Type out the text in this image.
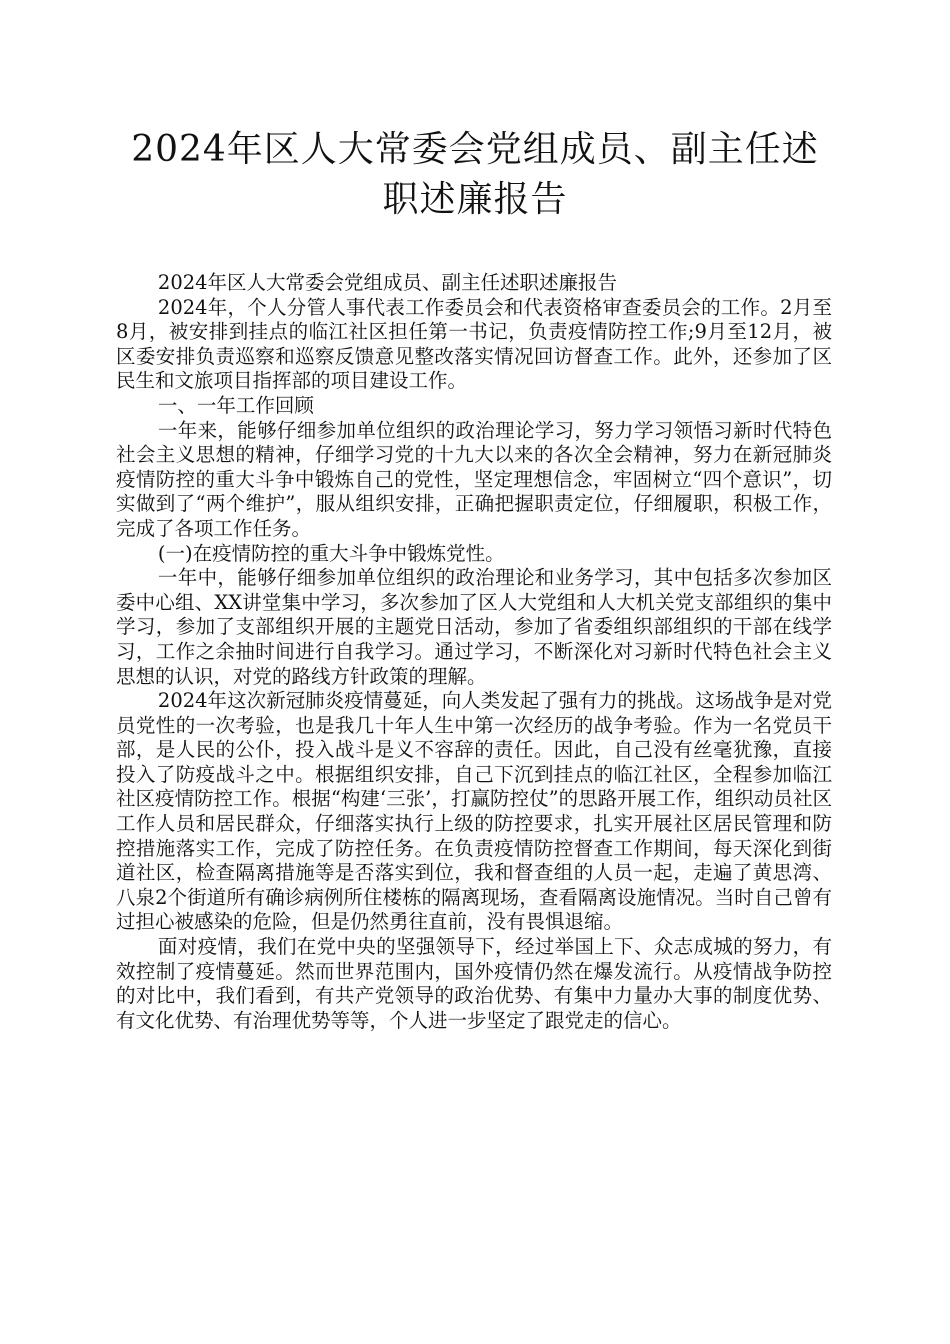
2024年区人大常委会党组成员、副主任述
职述廉报告

2024年区人大常委会党组成员、副主任述职述廉报告

2024年，个人分管人事代表工作委员会和代表资格审查委员会的工作。2月至8月，被安排到挂点的临江社区担任第一书记，负责疫情防控工作;9月至12月，被区委安排负责巡察和巡察反馈意见整改落实情况回访督查工作。此外，还参加了区民生和文旅项目指挥部的项目建设工作。

一、一年工作回顾

一年来，能够仔细参加单位组织的政治理论学习，努力学习领悟习新时代特色社会主义思想的精神，仔细学习党的十九大以来的各次全会精神，努力在新冠肺炎疫情防控的重大斗争中锻炼自己的党性，坚定理想信念，牢固树立“四个意识”，切实做到了“两个维护”，服从组织安排，正确把握职责定位，仔细履职，积极工作，完成了各项工作任务。

(一)在疫情防控的重大斗争中锻炼党性。

一年中，能够仔细参加单位组织的政治理论和业务学习，其中包括多次参加区委中心组、XX讲堂集中学习，多次参加了区人大党组和人大机关党支部组织的集中学习，参加了支部组织开展的主题党日活动，参加了省委组织部组织的干部在线学习，工作之余抽时间进行自我学习。通过学习，不断深化对习新时代特色社会主义思想的认识，对党的路线方针政策的理解。

2024年这次新冠肺炎疫情蔓延，向人类发起了强有力的挑战。这场战争是对党员党性的一次考验，也是我几十年人生中第一次经历的战争考验。作为一名党员干部，是人民的公仆，投入战斗是义不容辞的责任。因此，自己没有丝毫犹豫，直接投入了防疫战斗之中。根据组织安排，自己下沉到挂点的临江社区，全程参加临江社区疫情防控工作。根据“构建‘三张’，打赢防控仗”的思路开展工作，组织动员社区工作人员和居民群众，仔细落实执行上级的防控要求，扎实开展社区居民管理和防控措施落实工作，完成了防控任务。在负责疫情防控督查工作期间，每天深化到街道社区，检查隔离措施等是否落实到位，我和督查组的人员一起，走遍了黄思湾、八泉2个街道所有确诊病例所住楼栋的隔离现场，查看隔离设施情况。当时自己曾有过担心被感染的危险，但是仍然勇往直前，没有畏惧退缩。

面对疫情，我们在党中央的坚强领导下，经过举国上下、众志成城的努力，有效控制了疫情蔓延。然而世界范围内，国外疫情仍然在爆发流行。从疫情战争防控的对比中，我们看到，有共产党领导的政治优势、有集中力量办大事的制度优势、有文化优势、有治理优势等等，个人进一步坚定了跟党走的信心。
